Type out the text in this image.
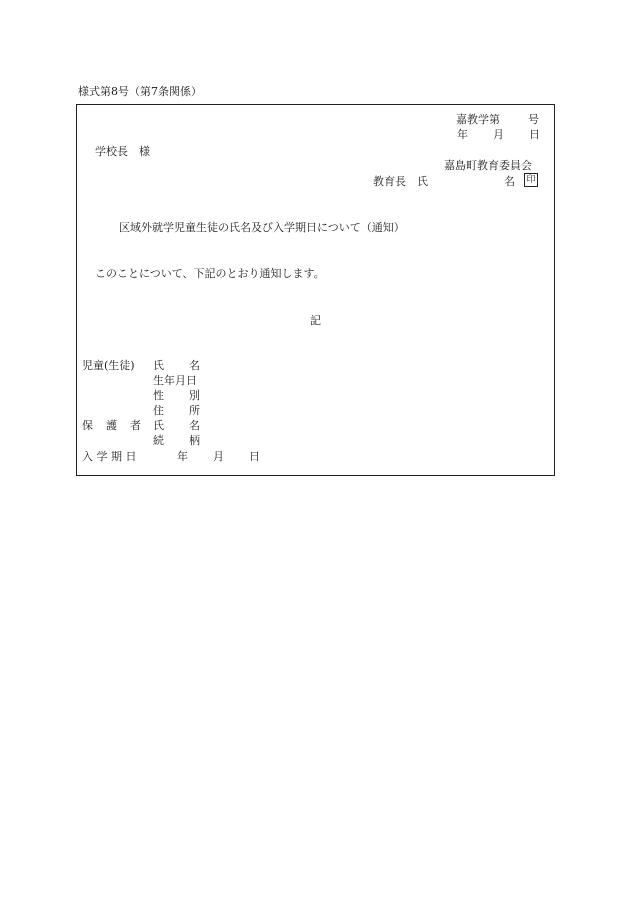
様式第8号（第7条関係）
嘉教学第	号
年 月 日
学校長　様
嘉島町教育委員会
教育長　氏	名 印
区域外就学児童生徒の氏名及び入学期日について（通知）
このことについて、下記のとおり通知します。
記
児童(生徒) 氏 名
生年月日
性 別
住 所
保 護 者 氏 名
続 柄
入 学 期 日	年 月 日
